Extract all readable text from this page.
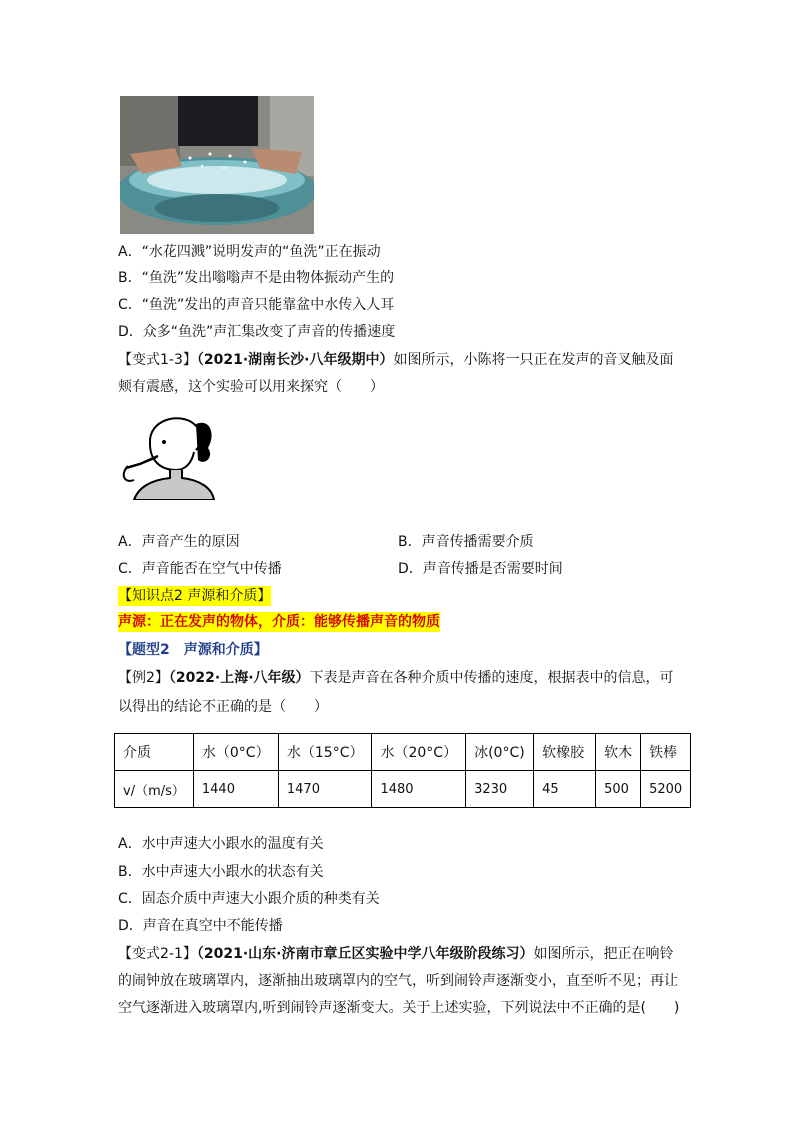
A．“水花四溅”说明发声的“鱼洗”正在振动
B．“鱼洗”发出嗡嗡声不是由物体振动产生的
C．“鱼洗”发出的声音只能靠盆中水传入人耳
D．众多“鱼洗”声汇集改变了声音的传播速度
【变式1-3】（2021·湖南长沙·八年级期中）如图所示，小陈将一只正在发声的音叉触及面
颊有震感，这个实验可以用来探究（　　）
A．声音产生的原因	B．声音传播需要介质
C．声音能否在空气中传播	D．声音传播是否需要时间
【知识点2 声源和介质】
声源：正在发声的物体，介质：能够传播声音的物质
【题型2　声源和介质】
【例2】（2022·上海·八年级）下表是声音在各种介质中传播的速度，根据表中的信息，可
以得出的结论不正确的是（　　）
介质	水（0°C）	水（15°C）	水（20°C）	冰(0°C)	软橡胶	软木	铁棒
v/（m/s）	1440	1470	1480	3230	45	500	5200
A．水中声速大小跟水的温度有关
B．水中声速大小跟水的状态有关
C．固态介质中声速大小跟介质的种类有关
D．声音在真空中不能传播
【变式2-1】（2021·山东·济南市章丘区实验中学八年级阶段练习）如图所示，把正在响铃
的闹钟放在玻璃罩内，逐渐抽出玻璃罩内的空气，听到闹铃声逐渐变小，直至听不见；再让
空气逐渐进入玻璃罩内,听到闹铃声逐渐变大。关于上述实验，下列说法中不正确的是(　　)
